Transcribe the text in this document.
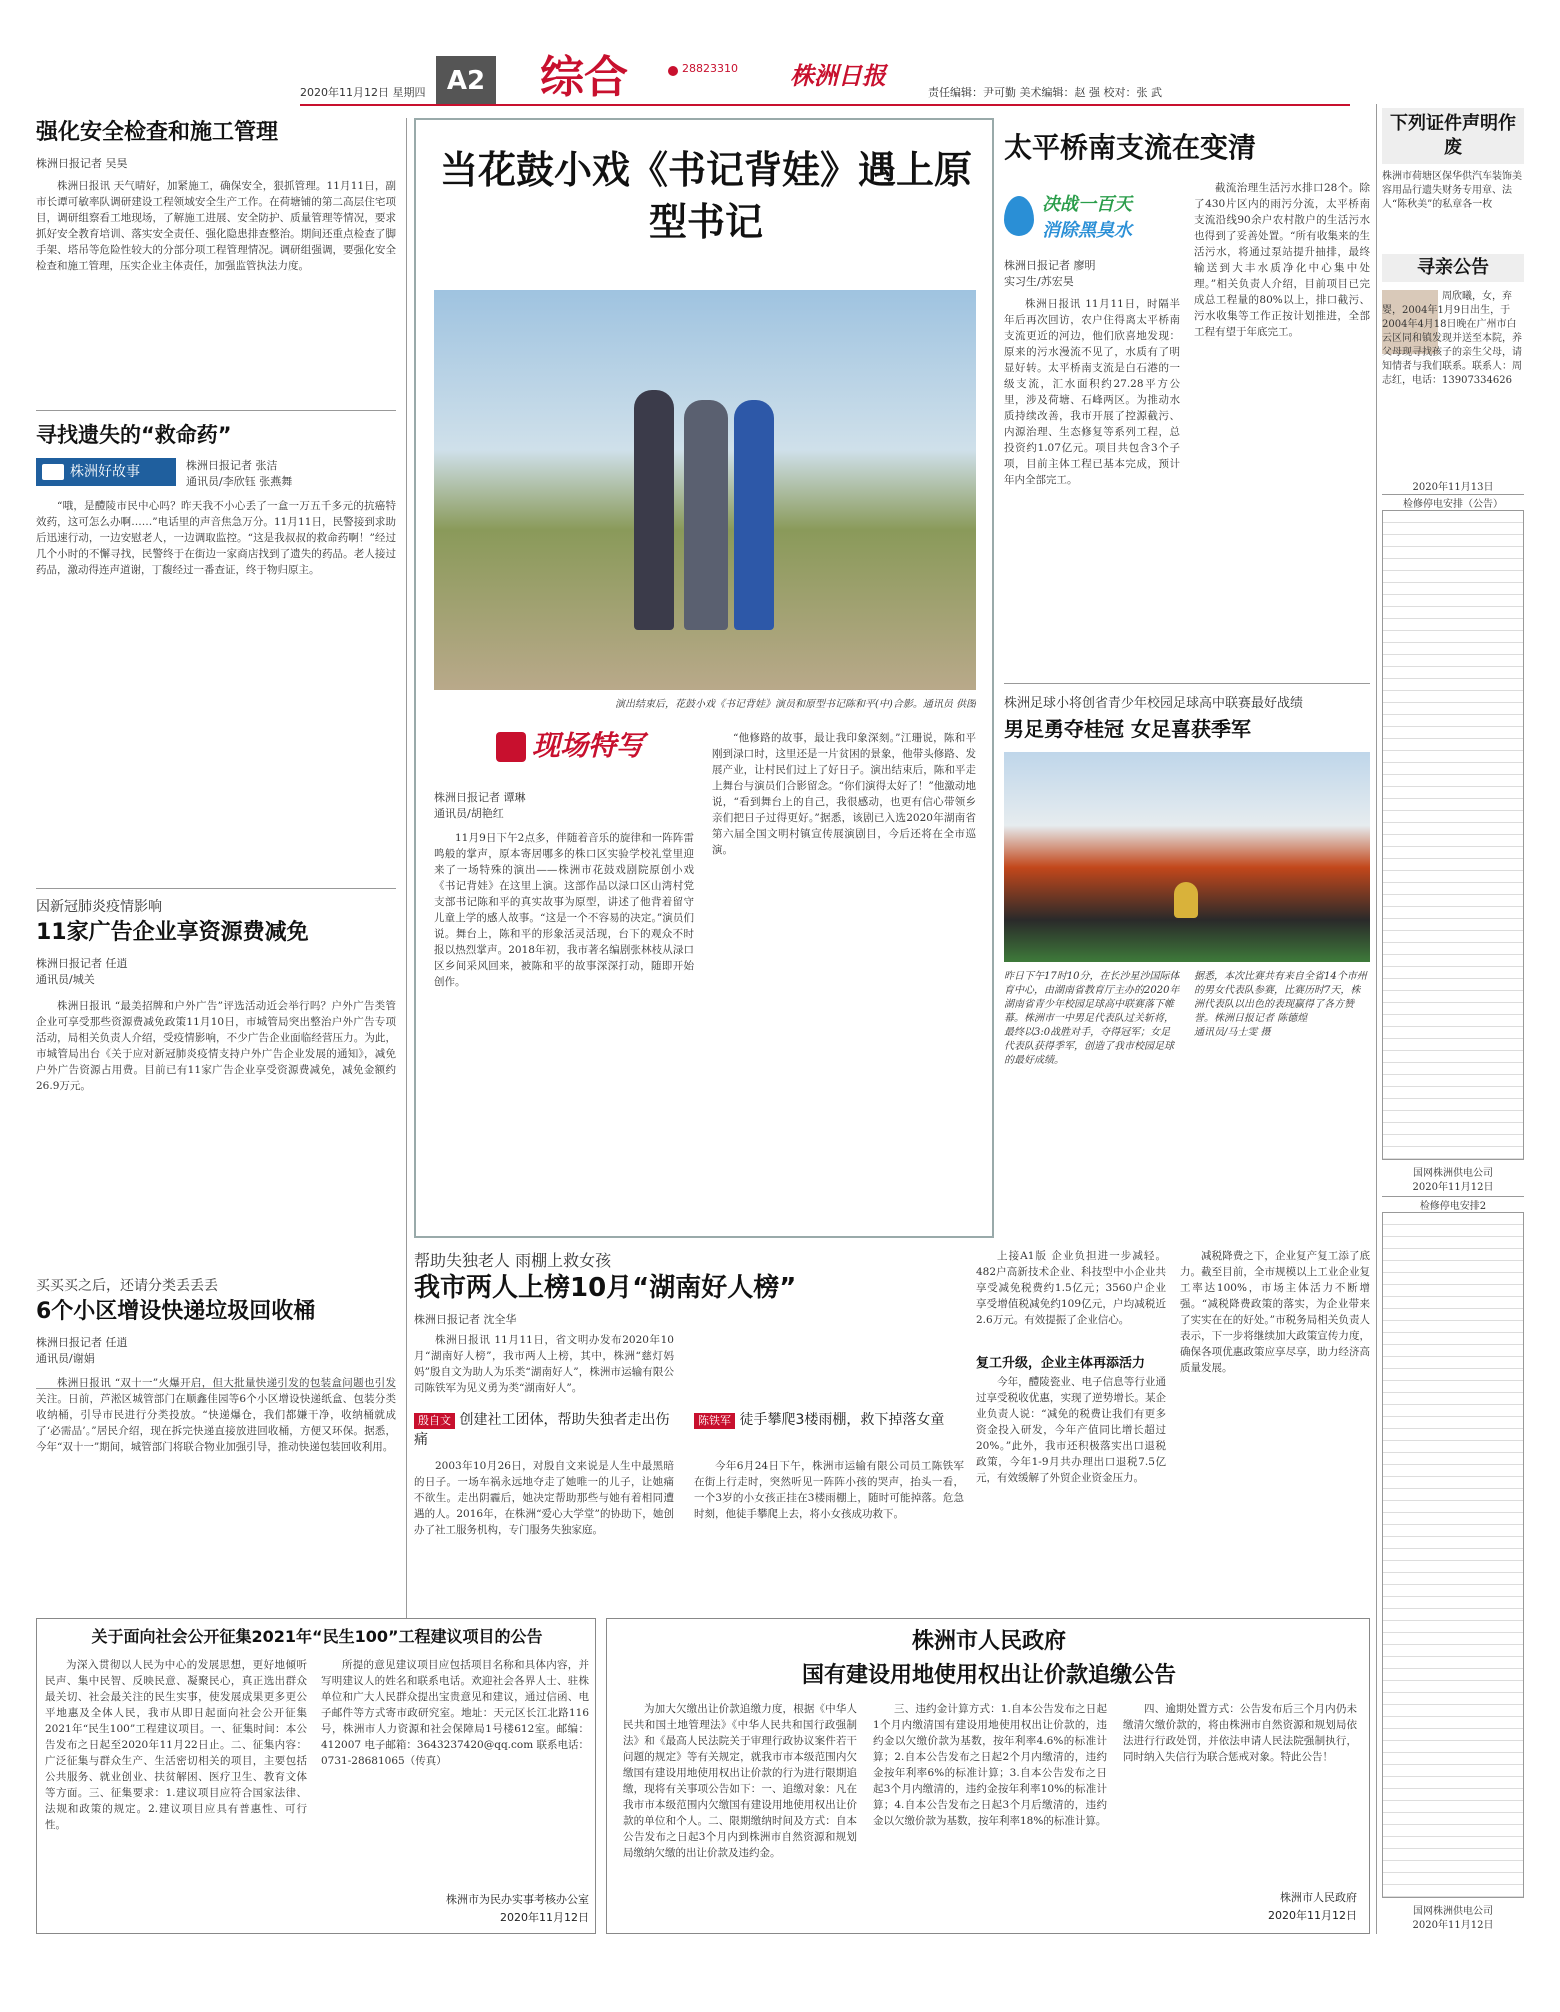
2020年11月12日 星期四 A2 综合	28823310	株洲日报
责任编辑：尹可勤 美术编辑：赵 强 校对：张 武
强化安全检查和施工管理
株洲日报记者 吴昊
株洲日报讯 天气晴好，加紧施工，确保安全，狠抓管理。11月11日，副市长谭可敏率队调研建设工程领域安全生产工作。在荷塘铺的第二高层住宅项目，调研组察看工地现场，了解施工进展、安全防护、质量管理等情况，要求抓好安全教育培训、落实安全责任、强化隐患排查整治。期间还重点检查了脚手架、塔吊等危险性较大的分部分项工程管理情况。调研组强调，要强化安全检查和施工管理，压实企业主体责任，加强监管执法力度。
寻找遗失的“救命药”
株洲好故事	株洲日报记者 张洁
通讯员/李欣钰 张燕舞
“哦，是醴陵市民中心吗？昨天我不小心丢了一盒一万五千多元的抗癌特效药，这可怎么办啊……”电话里的声音焦急万分。11月11日，民警接到求助后迅速行动，一边安慰老人，一边调取监控。“这是我叔叔的救命药啊！”经过几个小时的不懈寻找，民警终于在街边一家商店找到了遗失的药品。老人接过药品，激动得连声道谢，丁馥经过一番查证，终于物归原主。
因新冠肺炎疫情影响
11家广告企业享资源费减免
株洲日报记者 任逍
通讯员/城关
株洲日报讯 “最美招牌和户外广告”评选活动近会举行吗？户外广告类管企业可享受那些资源费减免政策11月10日，市城管局突出整治户外广告专项活动，局相关负责人介绍，受疫情影响，不少广告企业面临经营压力。为此，市城管局出台《关于应对新冠肺炎疫情支持户外广告企业发展的通知》，减免户外广告资源占用费。目前已有11家广告企业享受资源费减免，减免金额约26.9万元。
买买买之后，还请分类丢丢丢
6个小区增设快递垃圾回收桶
株洲日报记者 任逍
通讯员/谢娟
株洲日报讯 “双十一”火爆开启，但大批量快递引发的包装盒问题也引发关注。日前，芦淞区城管部门在顺鑫佳园等6个小区增设快递纸盒、包装分类收纳桶，引导市民进行分类投放。“快递爆仓，我们都嫌干净，收纳桶就成了‘必需品’。”居民介绍，现在拆完快递直接放进回收桶，方便又环保。据悉，今年“双十一”期间，城管部门将联合物业加强引导，推动快递包装回收利用。
当花鼓小戏《书记背娃》遇上原型书记
演出结束后，花鼓小戏《书记背娃》演员和原型书记陈和平(中)合影。通讯员 供图
现场特写
株洲日报记者 谭琳
通讯员/胡艳红
11月9日下午2点多，伴随着音乐的旋律和一阵阵雷鸣般的掌声，原本寄居哪多的株口区实验学校礼堂里迎来了一场特殊的演出——株洲市花鼓戏剧院原创小戏《书记背娃》在这里上演。这部作品以渌口区山湾村党支部书记陈和平的真实故事为原型，讲述了他背着留守儿童上学的感人故事。“这是一个不容易的决定。”演员们说。舞台上，陈和平的形象活灵活现，台下的观众不时报以热烈掌声。2018年初，我市著名编剧张林枝从渌口区乡间采风回来，被陈和平的故事深深打动，随即开始创作。
“他修路的故事，最让我印象深刻。”江珊说，陈和平刚到渌口时，这里还是一片贫困的景象，他带头修路、发展产业，让村民们过上了好日子。演出结束后，陈和平走上舞台与演员们合影留念。“你们演得太好了！”他激动地说，“看到舞台上的自己，我很感动，也更有信心带领乡亲们把日子过得更好。”据悉，该剧已入选2020年湖南省第六届全国文明村镇宣传展演剧目，今后还将在全市巡演。
太平桥南支流在变清
决战一百天
消除黑臭水
株洲日报记者 廖明
实习生/苏宏昊
株洲日报讯 11月11日，时隔半年后再次回访，农户住得离太平桥南支流更近的河边，他们欣喜地发现：原来的污水漫流不见了，水质有了明显好转。太平桥南支流是白石港的一级支流，汇水面积约27.28平方公里，涉及荷塘、石峰两区。为推动水质持续改善，我市开展了控源截污、内源治理、生态修复等系列工程，总投资约1.07亿元。项目共包含3个子项，目前主体工程已基本完成，预计年内全部完工。
截流治理生活污水排口28个。除了430片区内的雨污分流，太平桥南支流沿线90余户农村散户的生活污水也得到了妥善处置。“所有收集来的生活污水，将通过泵站提升抽排，最终输送到大丰水质净化中心集中处理。”相关负责人介绍，目前项目已完成总工程量的80%以上，排口截污、污水收集等工作正按计划推进，全部工程有望于年底完工。
株洲足球小将创省青少年校园足球高中联赛最好战绩
男足勇夺桂冠 女足喜获季军
昨日下午17时10分，在长沙星沙国际体育中心，由湖南省教育厅主办的2020年湖南省青少年校园足球高中联赛落下帷幕。株洲市一中男足代表队过关斩将，最终以3:0战胜对手，夺得冠军；女足代表队获得季军，创造了我市校园足球的最好成绩。
据悉，本次比赛共有来自全省14个市州的男女代表队参赛，比赛历时7天，株洲代表队以出色的表现赢得了各方赞誉。株洲日报记者 陈德煌
通讯员/马士雯 摄
下列证件声明作废
株洲市荷塘区保华供汽车装饰美容用品行遗失财务专用章、法人“陈秋美”的私章各一枚
寻亲公告
周欣曦，女，弃婴，2004年1月9日出生，于2004年4月18日晚在广州市白云区同和镇发现并送至本院，养父母现寻找孩子的亲生父母，请知情者与我们联系。联系人：周志红，电话：13907334626
2020年11月13日
检修停电安排（公告）
国网株洲供电公司
2020年11月12日
检修停电安排2
国网株洲供电公司
2020年11月12日
帮助失独老人 雨棚上救女孩
我市两人上榜10月“湖南好人榜”
株洲日报记者 沈全华
株洲日报讯 11月11日，省文明办发布2020年10月“湖南好人榜”，我市两人上榜，其中，株洲“慈灯妈妈”殷自文为助人为乐类“湖南好人”，株洲市运输有限公司陈铁军为见义勇为类“湖南好人”。
殷自文 创建社工团体，帮助失独者走出伤痛
2003年10月26日，对殷自文来说是人生中最黑暗的日子。一场车祸永远地夺走了她唯一的儿子，让她痛不欲生。走出阴霾后，她决定帮助那些与她有着相同遭遇的人。2016年，在株洲“爱心大学堂”的协助下，她创办了社工服务机构，专门服务失独家庭。
陈铁军 徒手攀爬3楼雨棚，救下掉落女童
今年6月24日下午，株洲市运输有限公司员工陈铁军在街上行走时，突然听见一阵阵小孩的哭声，抬头一看，一个3岁的小女孩正挂在3楼雨棚上，随时可能掉落。危急时刻，他徒手攀爬上去，将小女孩成功救下。
上接A1版 企业负担进一步减轻。482户高新技术企业、科技型中小企业共享受减免税费约1.5亿元；3560户企业享受增值税减免约109亿元，户均减税近2.6万元。有效提振了企业信心。
复工升级，企业主体再添活力
今年，醴陵瓷业、电子信息等行业通过享受税收优惠，实现了逆势增长。某企业负责人说：“减免的税费让我们有更多资金投入研发，今年产值同比增长超过20%。”此外，我市还积极落实出口退税政策，今年1-9月共办理出口退税7.5亿元，有效缓解了外贸企业资金压力。
减税降费之下，企业复产复工添了底力。截至目前，全市规模以上工业企业复工率达100%，市场主体活力不断增强。“减税降费政策的落实，为企业带来了实实在在的好处。”市税务局相关负责人表示，下一步将继续加大政策宣传力度，确保各项优惠政策应享尽享，助力经济高质量发展。
关于面向社会公开征集2021年“民生100”工程建议项目的公告
为深入贯彻以人民为中心的发展思想，更好地倾听民声、集中民智、反映民意、凝聚民心，真正选出群众最关切、社会最关注的民生实事，使发展成果更多更公平地惠及全体人民，我市从即日起面向社会公开征集2021年“民生100”工程建议项目。一、征集时间：本公告发布之日起至2020年11月22日止。二、征集内容：广泛征集与群众生产、生活密切相关的项目，主要包括公共服务、就业创业、扶贫解困、医疗卫生、教育文体等方面。三、征集要求：1.建议项目应符合国家法律、法规和政策的规定。2.建议项目应具有普惠性、可行性。
所提的意见建议项目应包括项目名称和具体内容，并写明建议人的姓名和联系电话。欢迎社会各界人士、驻株单位和广大人民群众提出宝贵意见和建议，通过信函、电子邮件等方式寄市政研究室。地址：天元区长江北路116号，株洲市人力资源和社会保障局1号楼612室。邮编：412007 电子邮箱：3643237420@qq.com 联系电话：0731-28681065（传真）
株洲市为民办实事考核办公室
2020年11月12日
株洲市人民政府
国有建设用地使用权出让价款追缴公告
为加大欠缴出让价款追缴力度，根据《中华人民共和国土地管理法》《中华人民共和国行政强制法》和《最高人民法院关于审理行政协议案件若干问题的规定》等有关规定，就我市市本级范围内欠缴国有建设用地使用权出让价款的行为进行限期追缴，现将有关事项公告如下：一、追缴对象：凡在我市市本级范围内欠缴国有建设用地使用权出让价款的单位和个人。二、限期缴纳时间及方式：自本公告发布之日起3个月内到株洲市自然资源和规划局缴纳欠缴的出让价款及违约金。
三、违约金计算方式：1.自本公告发布之日起1个月内缴清国有建设用地使用权出让价款的，违约金以欠缴价款为基数，按年利率4.6%的标准计算；2.自本公告发布之日起2个月内缴清的，违约金按年利率6%的标准计算；3.自本公告发布之日起3个月内缴清的，违约金按年利率10%的标准计算；4.自本公告发布之日起3个月后缴清的，违约金以欠缴价款为基数，按年利率18%的标准计算。
四、逾期处置方式：公告发布后三个月内仍未缴清欠缴价款的，将由株洲市自然资源和规划局依法进行行政处罚，并依法申请人民法院强制执行，同时纳入失信行为联合惩戒对象。特此公告！
株洲市人民政府
2020年11月12日
